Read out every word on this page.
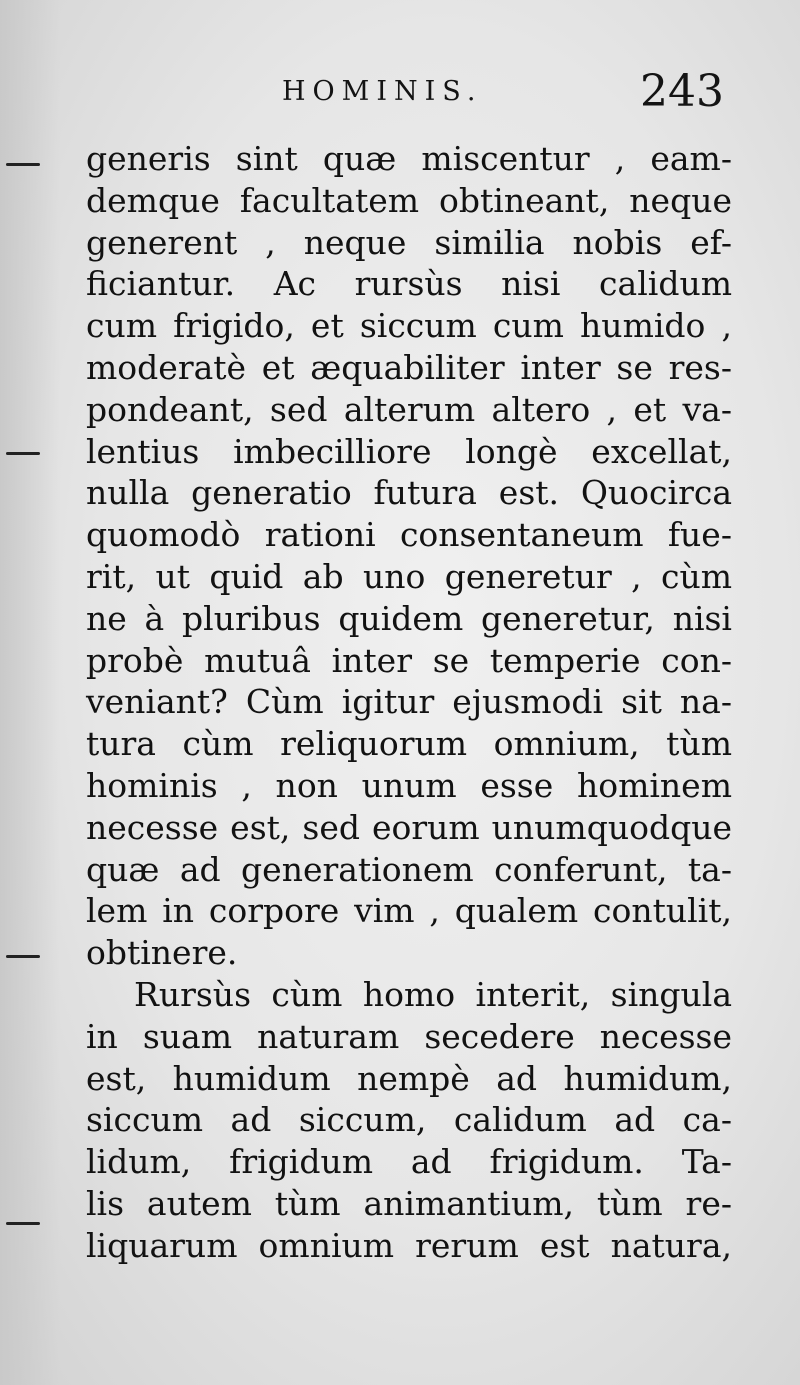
HOMINIS.	243
generis sint quæ miscentur , eam-
demque facultatem obtineant, neque
generent , neque similia nobis ef-
ficiantur. Ac rursùs nisi calidum
cum frigido, et siccum cum humido ,
moderatè et æquabiliter inter se res-
pondeant, sed alterum altero , et va-
lentius imbecilliore longè excellat,
nulla generatio futura est. Quocirca
quomodò rationi consentaneum fue-
rit, ut quid ab uno generetur , cùm
ne à pluribus quidem generetur, nisi
probè mutuâ inter se temperie con-
veniant? Cùm igitur ejusmodi sit na-
tura cùm reliquorum omnium, tùm
hominis , non unum esse hominem
necesse est, sed eorum unumquodque
quæ ad generationem conferunt, ta-
lem in corpore vim , qualem contulit,
obtinere.
Rursùs cùm homo interit, singula
in suam naturam secedere necesse
est, humidum nempè ad humidum,
siccum ad siccum, calidum ad ca-
lidum, frigidum ad frigidum. Ta-
lis autem tùm animantium, tùm re-
liquarum omnium rerum est natura,
